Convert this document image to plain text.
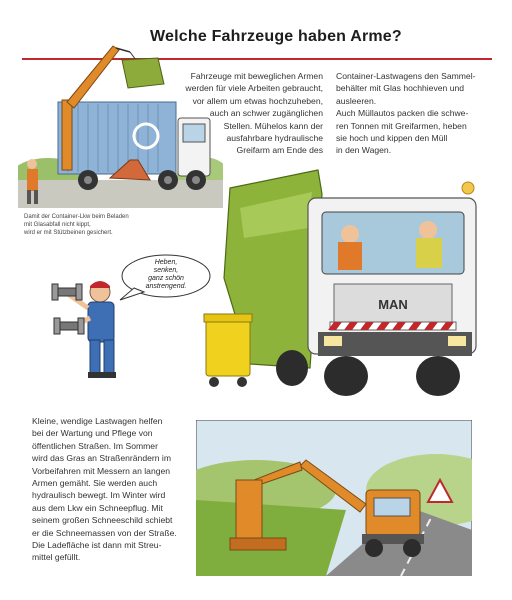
Welche Fahrzeuge haben Arme?
Damit der Container-Lkw beim Beladen
mit Glasabfall nicht kippt,
wird er mit Stützbeinen gesichert.
Fahrzeuge mit beweglichen Armen
werden für viele Arbeiten gebraucht,
vor allem um etwas hochzuheben,
auch an schwer zugänglichen
Stellen. Mühelos kann der
ausfahrbare hydraulische
Greifarm am Ende des
Container-Lastwagens den Sammel-
behälter mit Glas hochhieven und
ausleeren.
Auch Müllautos packen die schwe-
ren Tonnen mit Greifarmen, heben
sie hoch und kippen den Müll
in den Wagen.
MAN
Heben,
senken,
ganz schön
anstrengend.
Kleine, wendige Lastwagen helfen
bei der Wartung und Pflege von
öffentlichen Straßen. Im Sommer
wird das Gras an Straßenrändern im
Vorbeifahren mit Messern an langen
Armen gemäht. Sie werden auch
hydraulisch bewegt. Im Winter wird
aus dem Lkw ein Schneepflug. Mit
seinem großen Schneeschild schiebt
er die Schneemassen von der Straße.
Die Ladefläche ist dann mit Streu-
mittel gefüllt.
